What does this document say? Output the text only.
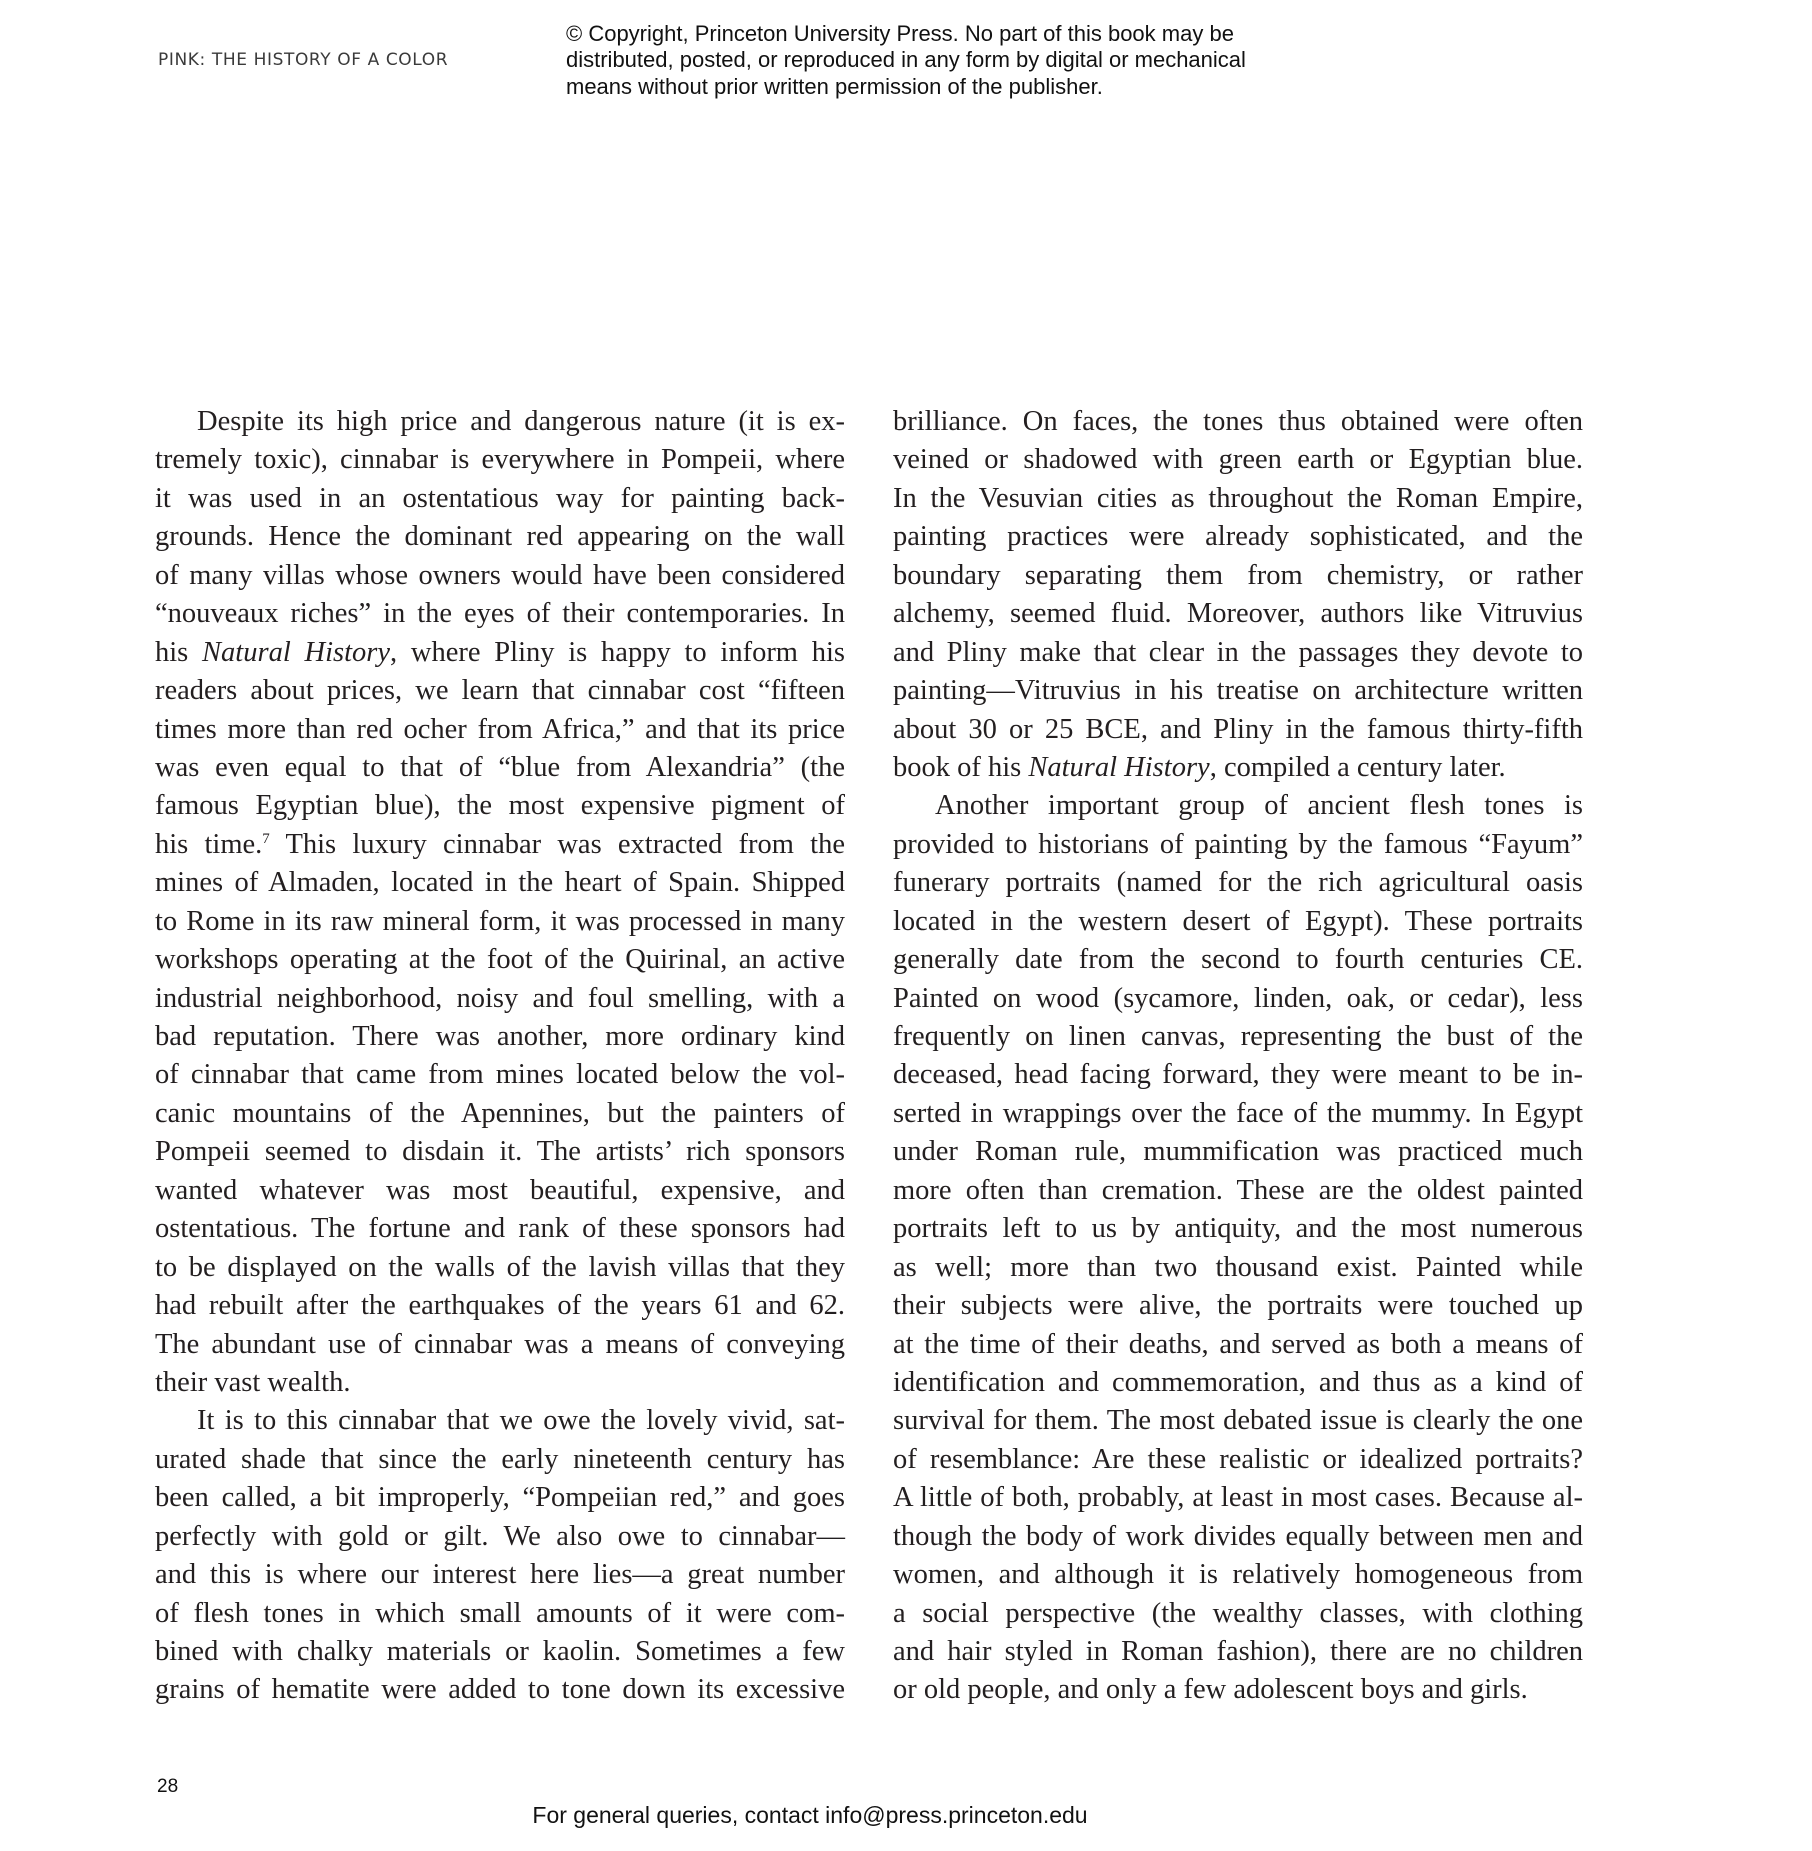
PINK: THE HISTORY OF A COLOR
© Copyright, Princeton University Press. No part of this book may be
distributed, posted, or reproduced in any form by digital or mechanical
means without prior written permission of the publisher.
Despite its high price and dangerous nature (it is ex-
tremely toxic), cinnabar is everywhere in Pompeii, where
it was used in an ostentatious way for painting back-
grounds. Hence the dominant red appearing on the wall
of many villas whose owners would have been considered
“nouveaux riches” in the eyes of their contemporaries. In
his Natural History, where Pliny is happy to inform his
readers about prices, we learn that cinnabar cost “fifteen
times more than red ocher from Africa,” and that its price
was even equal to that of “blue from Alexandria” (the
famous Egyptian blue), the most expensive pigment of
his time.$^7$ This luxury cinnabar was extracted from the
mines of Almaden, located in the heart of Spain. Shipped
to Rome in its raw mineral form, it was processed in many
workshops operating at the foot of the Quirinal, an active
industrial neighborhood, noisy and foul smelling, with a
bad reputation. There was another, more ordinary kind
of cinnabar that came from mines located below the vol-
canic mountains of the Apennines, but the painters of
Pompeii seemed to disdain it. The artists’ rich sponsors
wanted whatever was most beautiful, expensive, and
ostentatious. The fortune and rank of these sponsors had
to be displayed on the walls of the lavish villas that they
had rebuilt after the earthquakes of the years 61 and 62.
The abundant use of cinnabar was a means of conveying
their vast wealth.
It is to this cinnabar that we owe the lovely vivid, sat-
urated shade that since the early nineteenth century has
been called, a bit improperly, “Pompeiian red,” and goes
perfectly with gold or gilt. We also owe to cinnabar—
and this is where our interest here lies—a great number
of flesh tones in which small amounts of it were com-
bined with chalky materials or kaolin. Sometimes a few
grains of hematite were added to tone down its excessive
brilliance. On faces, the tones thus obtained were often
veined or shadowed with green earth or Egyptian blue.
In the Vesuvian cities as throughout the Roman Empire,
painting practices were already sophisticated, and the
boundary separating them from chemistry, or rather
alchemy, seemed fluid. Moreover, authors like Vitruvius
and Pliny make that clear in the passages they devote to
painting—Vitruvius in his treatise on architecture written
about 30 or 25 BCE, and Pliny in the famous thirty-fifth
book of his Natural History, compiled a century later.
Another important group of ancient flesh tones is
provided to historians of painting by the famous “Fayum”
funerary portraits (named for the rich agricultural oasis
located in the western desert of Egypt). These portraits
generally date from the second to fourth centuries CE.
Painted on wood (sycamore, linden, oak, or cedar), less
frequently on linen canvas, representing the bust of the
deceased, head facing forward, they were meant to be in-
serted in wrappings over the face of the mummy. In Egypt
under Roman rule, mummification was practiced much
more often than cremation. These are the oldest painted
portraits left to us by antiquity, and the most numerous
as well; more than two thousand exist. Painted while
their subjects were alive, the portraits were touched up
at the time of their deaths, and served as both a means of
identification and commemoration, and thus as a kind of
survival for them. The most debated issue is clearly the one
of resemblance: Are these realistic or idealized portraits?
A little of both, probably, at least in most cases. Because al-
though the body of work divides equally between men and
women, and although it is relatively homogeneous from
a social perspective (the wealthy classes, with clothing
and hair styled in Roman fashion), there are no children
or old people, and only a few adolescent boys and girls.
28
For general queries, contact info@press.princeton.edu
